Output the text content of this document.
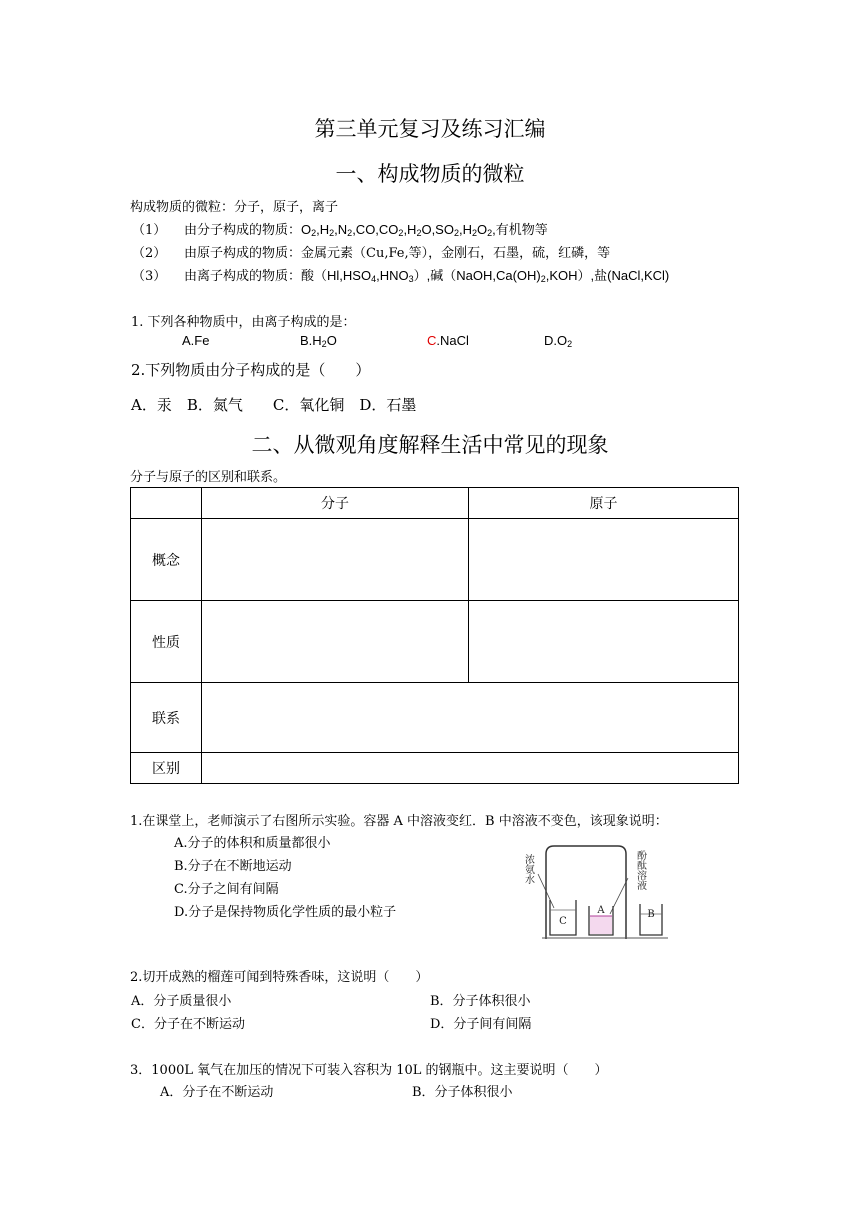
第三单元复习及练习汇编
一、构成物质的微粒
构成物质的微粒：分子，原子，离子
（1） 由分子构成的物质：$O_2,H_2,N_2,CO,CO_2,H_2O,SO_2,H_2O_2$,有机物等
（2） 由原子构成的物质：金属元素（Cu,Fe,等），金刚石，石墨，硫，红磷，等
（3） 由离子构成的物质：酸$(Hl,HSO_4,HNO_3)$,碱$(NaOH,Ca(OH)_2,KOH)$,盐(NaCl,KCl)
1. 下列各种物质中，由离子构成的是：
A.Fe	$B.H_2O$	C.NaCl	$D.O_2$
2.下列物质由分子构成的是（　　）
A．汞　B．氮气　　C．氧化铜　D．石墨
二、从微观角度解释生活中常见的现象
分子与原子的区别和联系。
	分子	原子
概念		
性质		
联系		
区别		
1.在课堂上，老师演示了右图所示实验。容器 A 中溶液变红．B 中溶液不变色，该现象说明：
A.分子的体积和质量都很小
B.分子在不断地运动
C.分子之间有间隔
D.分子是保持物质化学性质的最小粒子
C
A	B
浓氨水	酚酞溶液
2.切开成熟的榴莲可闻到特殊香味，这说明（　　）
A．分子质量很小	B．分子体积很小
C．分子在不断运动	D．分子间有间隔
3．1000L 氧气在加压的情况下可装入容积为 10L 的钢瓶中。这主要说明（　　）
A．分子在不断运动	B．分子体积很小
